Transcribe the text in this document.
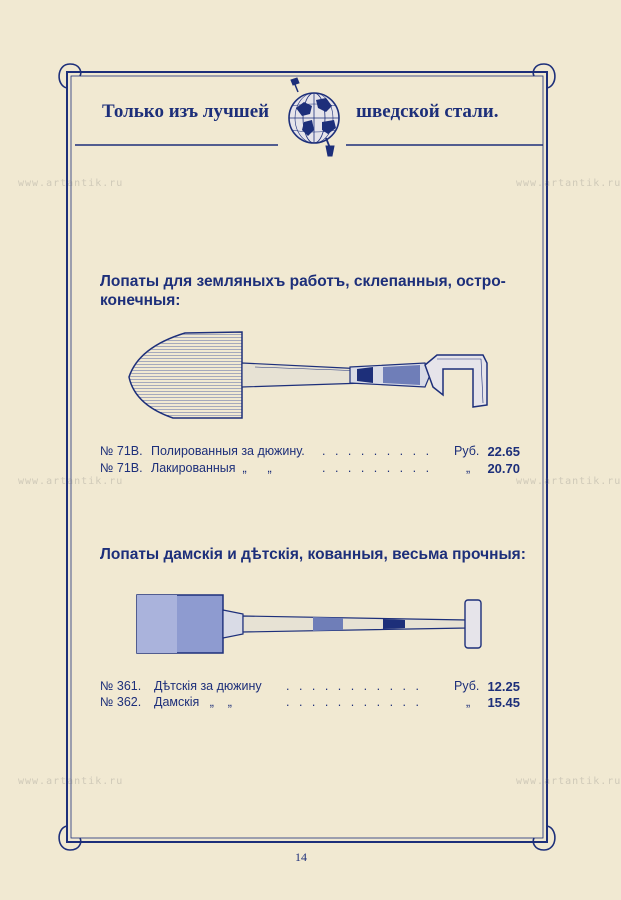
www.artantik.ru	www.artantik.ru
www.artantik.ru	www.artantik.ru
www.artantik.ru	www.artantik.ru
Только изъ лучшей	шведской стали.
Лопаты для земляныхъ работъ, склепанныя, остро-
конечныя:
№ 71В. Полированныя за дюжину. . . . . . . . . . Руб. 22.65
№ 71В. Лакированныя  „      „	. . . . . . . . .	„ 20.70
Лопаты дамскія и дѣтскія, кованныя, весьма прочныя:
№ 361. Дѣтскія за дюжину . . . . . . . . . . .	Руб. 12.25
№ 362. Дамскія   „    „	. . . . . . . . . . .	„ 15.45
14
